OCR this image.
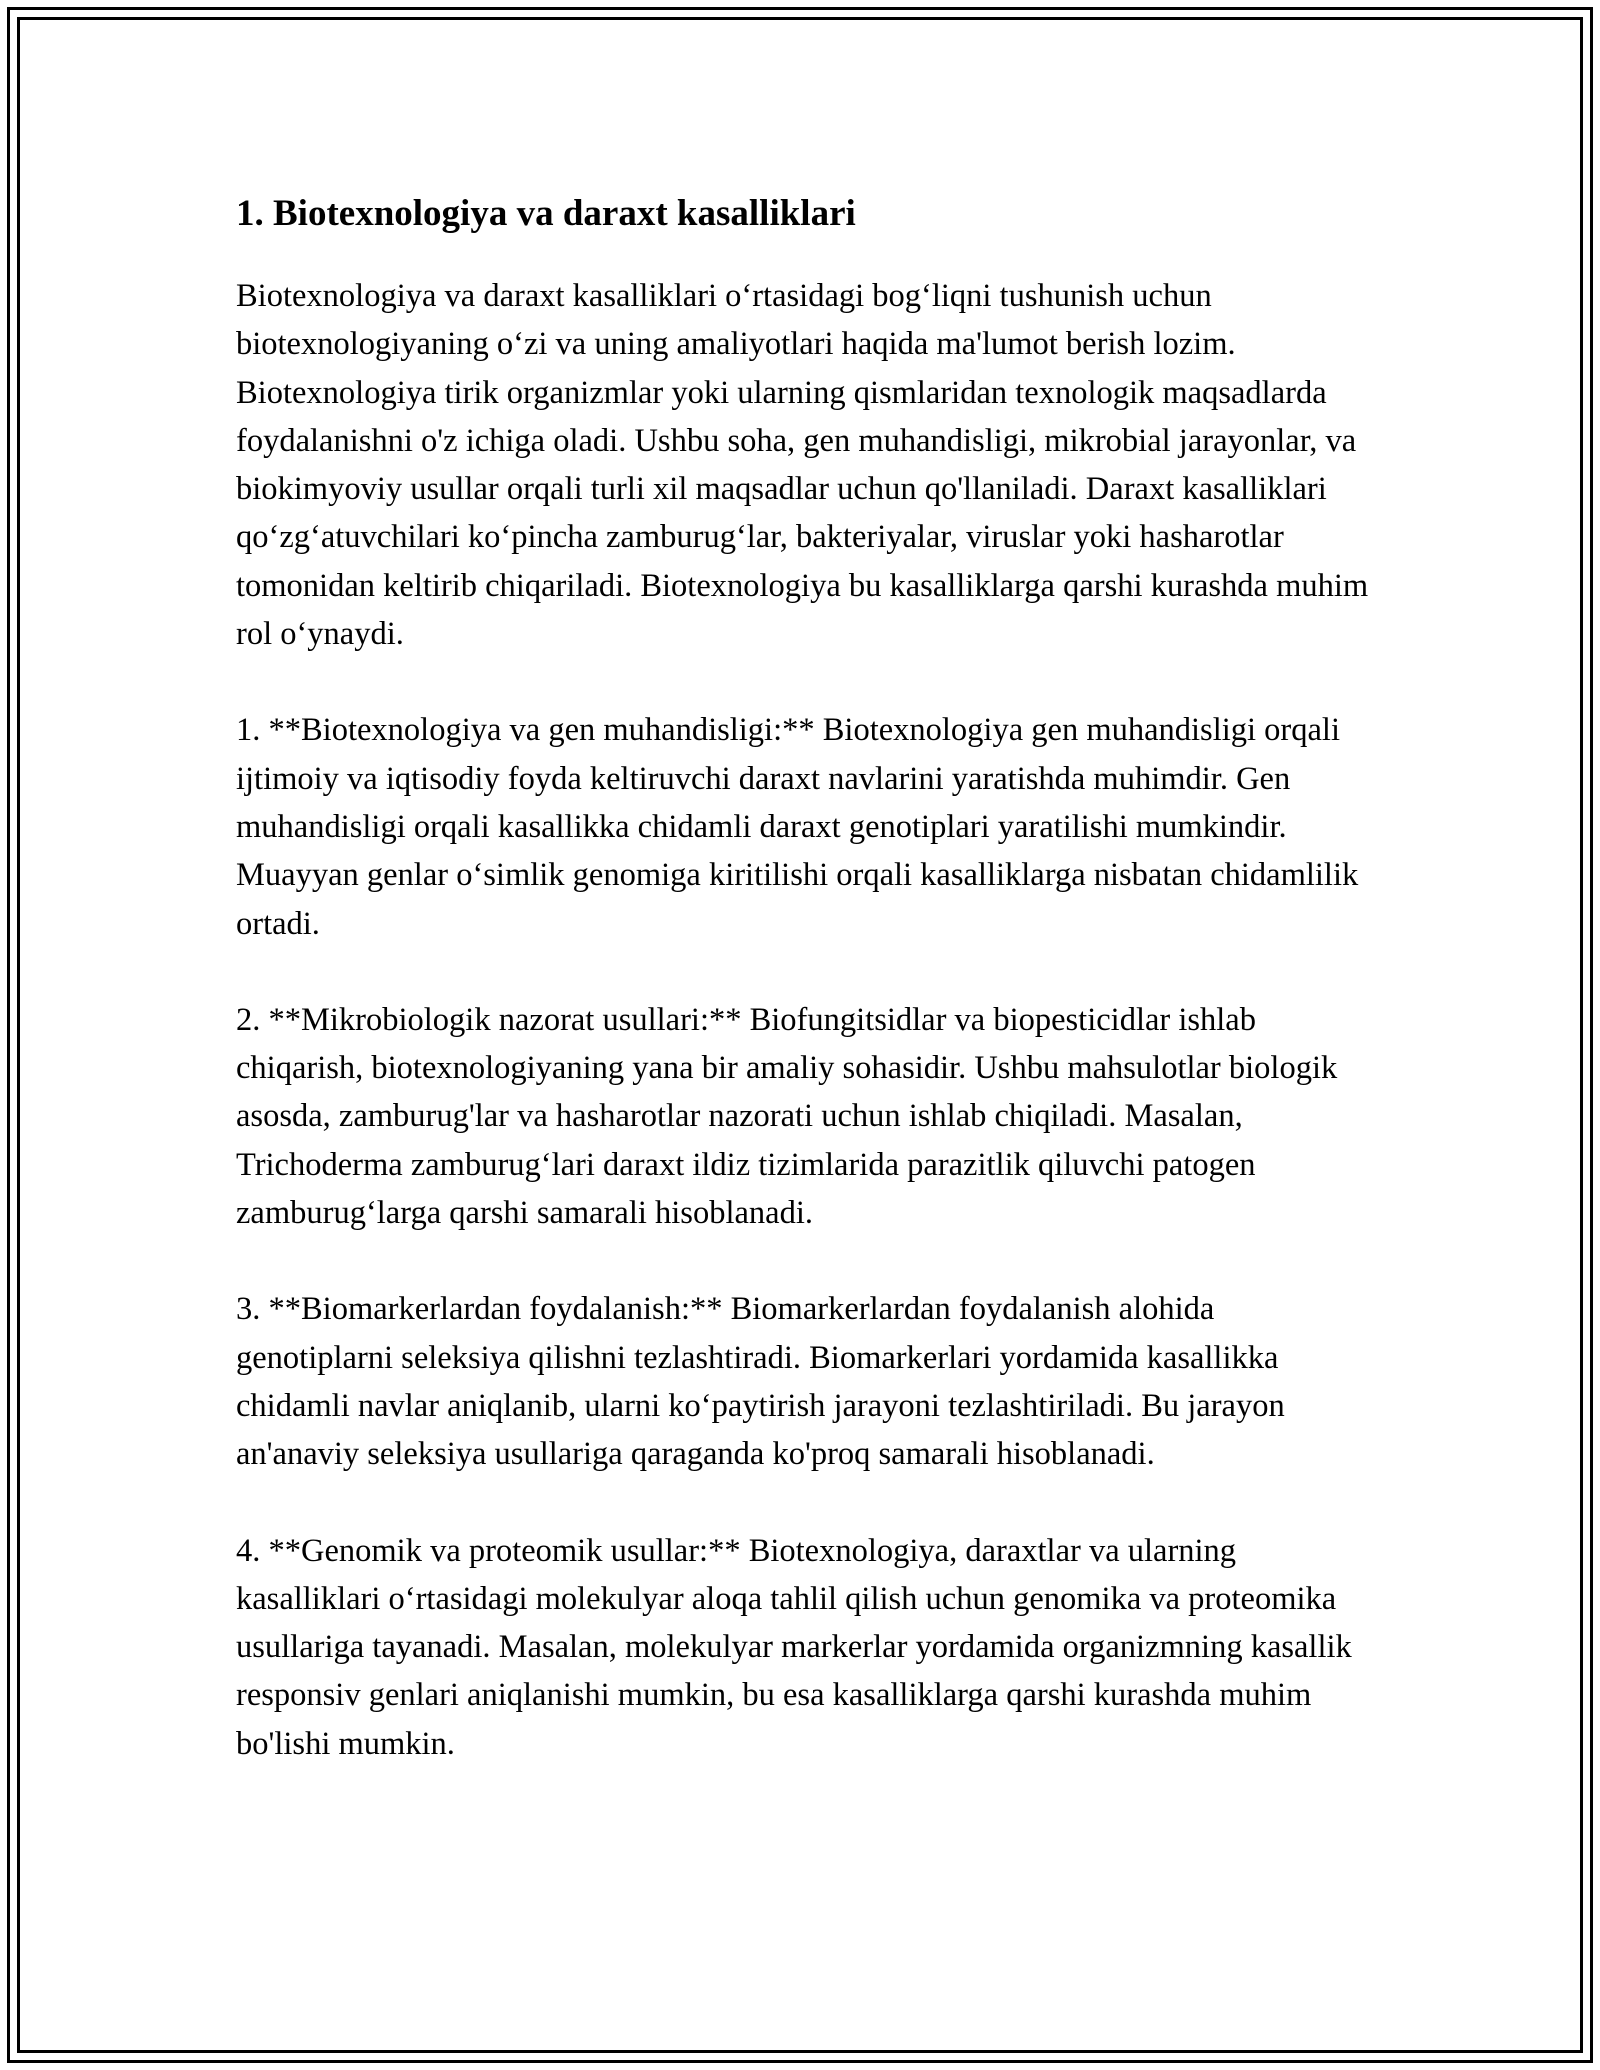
1. Biotexnologiya va daraxt kasalliklari

Biotexnologiya va daraxt kasalliklari oʻrtasidagi bogʻliqni tushunish uchun biotexnologiyaning oʻzi va uning amaliyotlari haqida ma'lumot berish lozim. Biotexnologiya tirik organizmlar yoki ularning qismlaridan texnologik maqsadlarda foydalanishni o'z ichiga oladi. Ushbu soha, gen muhandisligi, mikrobial jarayonlar, va biokimyoviy usullar orqali turli xil maqsadlar uchun qo'llaniladi. Daraxt kasalliklari qoʻzgʻatuvchilari koʻpincha zamburugʻlar, bakteriyalar, viruslar yoki hasharotlar tomonidan keltirib chiqariladi. Biotexnologiya bu kasalliklarga qarshi kurashda muhim rol oʻynaydi.

1. **Biotexnologiya va gen muhandisligi:** Biotexnologiya gen muhandisligi orqali ijtimoiy va iqtisodiy foyda keltiruvchi daraxt navlarini yaratishda muhimdir. Gen muhandisligi orqali kasallikka chidamli daraxt genotiplari yaratilishi mumkindir. Muayyan genlar oʻsimlik genomiga kiritilishi orqali kasalliklarga nisbatan chidamlilik ortadi.

2. **Mikrobiologik nazorat usullari:** Biofungitsidlar va biopesticidlar ishlab chiqarish, biotexnologiyaning yana bir amaliy sohasidir. Ushbu mahsulotlar biologik asosda, zamburug'lar va hasharotlar nazorati uchun ishlab chiqiladi. Masalan, Trichoderma zamburugʻlari daraxt ildiz tizimlarida parazitlik qiluvchi patogen zamburugʻlarga qarshi samarali hisoblanadi.

3. **Biomarkerlardan foydalanish:** Biomarkerlardan foydalanish alohida genotiplarni seleksiya qilishni tezlashtiradi. Biomarkerlari yordamida kasallikka chidamli navlar aniqlanib, ularni koʻpaytirish jarayoni tezlashtiriladi. Bu jarayon an'anaviy seleksiya usullariga qaraganda ko'proq samarali hisoblanadi.

4. **Genomik va proteomik usullar:** Biotexnologiya, daraxtlar va ularning kasalliklari oʻrtasidagi molekulyar aloqa tahlil qilish uchun genomika va proteomika usullariga tayanadi. Masalan, molekulyar markerlar yordamida organizmning kasallik responsiv genlari aniqlanishi mumkin, bu esa kasalliklarga qarshi kurashda muhim bo'lishi mumkin.
